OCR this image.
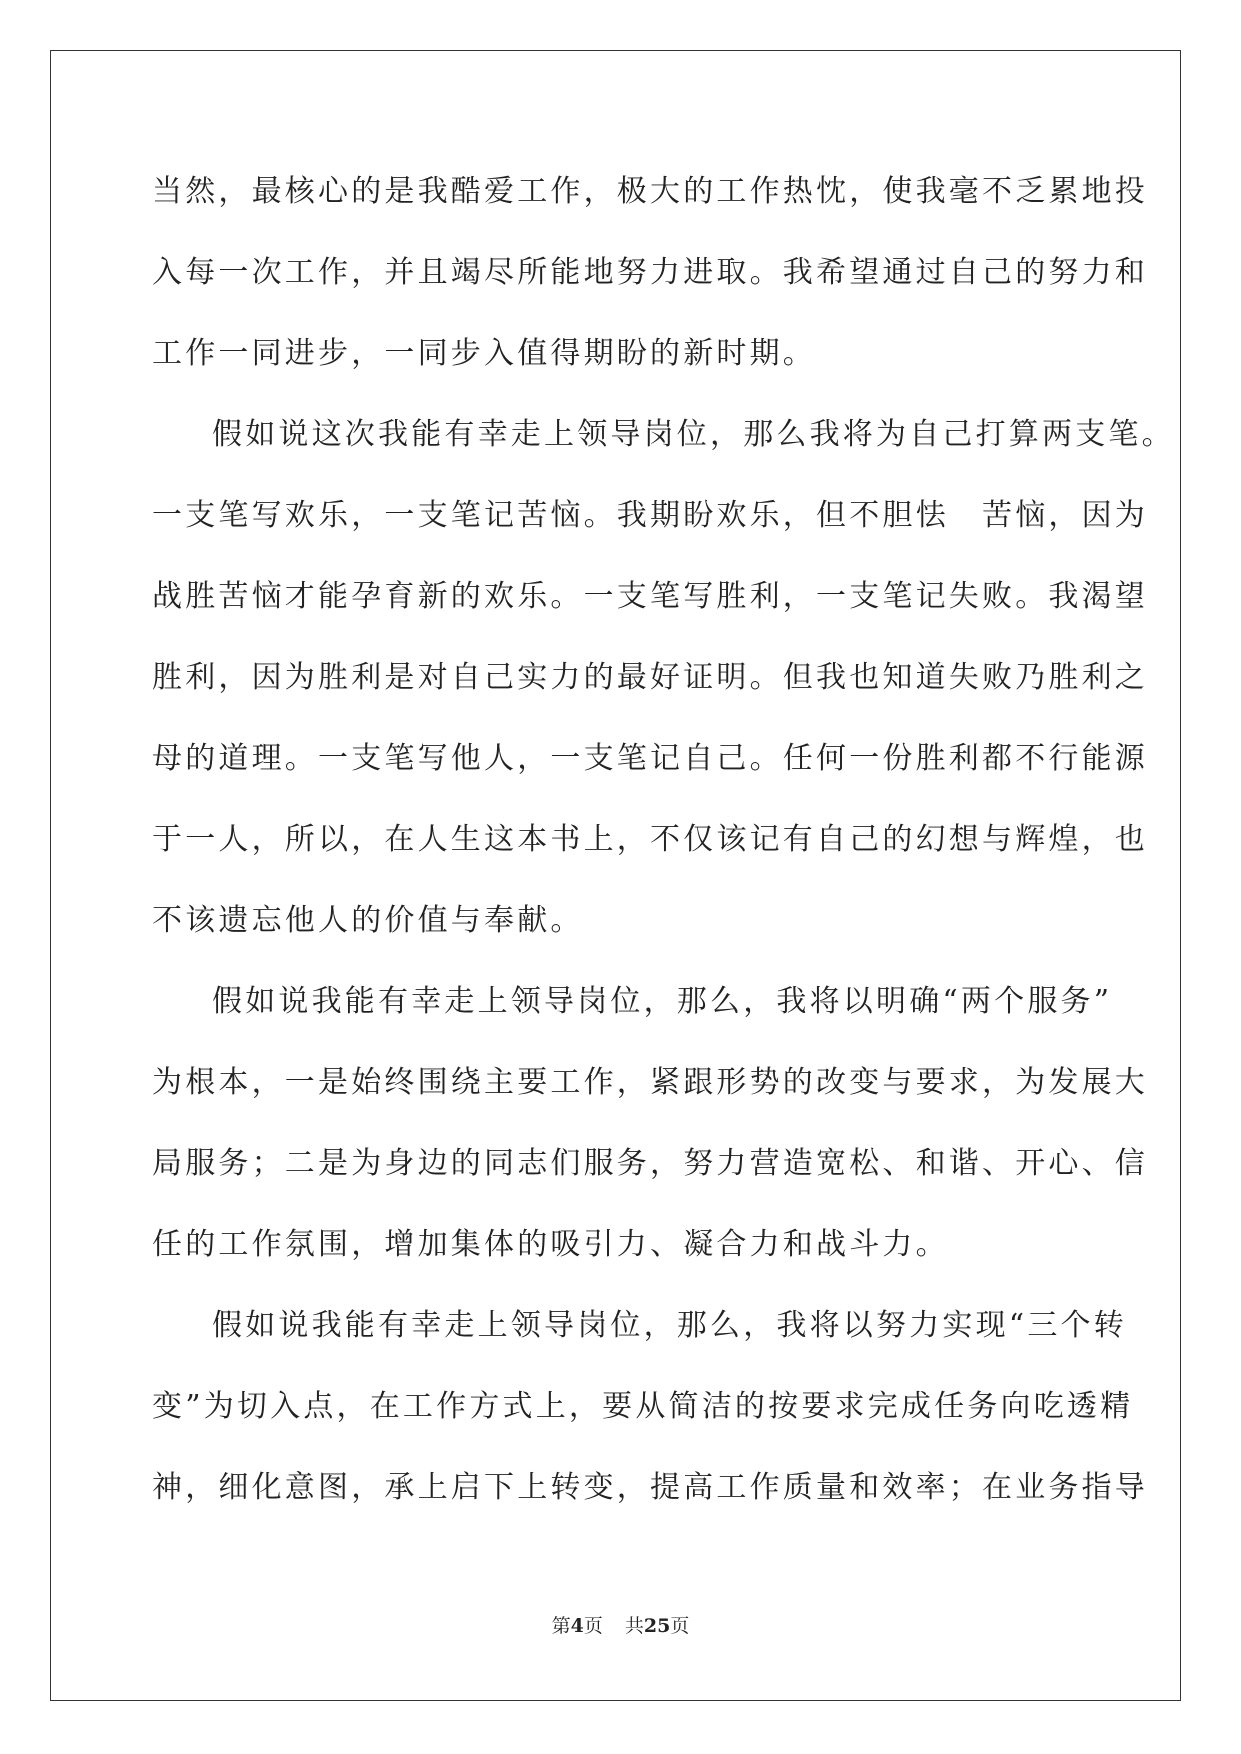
当然，最核心的是我酷爱工作，极大的工作热忱，使我毫不乏累地投
入每一次工作，并且竭尽所能地努力进取。我希望通过自己的努力和
工作一同进步，一同步入值得期盼的新时期。
假如说这次我能有幸走上领导岗位，那么我将为自己打算两支笔。
一支笔写欢乐，一支笔记苦恼。我期盼欢乐，但不胆怯　苦恼，因为
战胜苦恼才能孕育新的欢乐。一支笔写胜利，一支笔记失败。我渴望
胜利，因为胜利是对自己实力的最好证明。但我也知道失败乃胜利之
母的道理。一支笔写他人，一支笔记自己。任何一份胜利都不行能源
于一人，所以，在人生这本书上，不仅该记有自己的幻想与辉煌，也
不该遗忘他人的价值与奉献。
假如说我能有幸走上领导岗位，那么，我将以明确“两个服务”
为根本，一是始终围绕主要工作，紧跟形势的改变与要求，为发展大
局服务；二是为身边的同志们服务，努力营造宽松、和谐、开心、信
任的工作氛围，增加集体的吸引力、凝合力和战斗力。
假如说我能有幸走上领导岗位，那么，我将以努力实现“三个转
变”为切入点，在工作方式上，要从简洁的按要求完成任务向吃透精
神，细化意图，承上启下上转变，提高工作质量和效率；在业务指导
第4页 共25页
